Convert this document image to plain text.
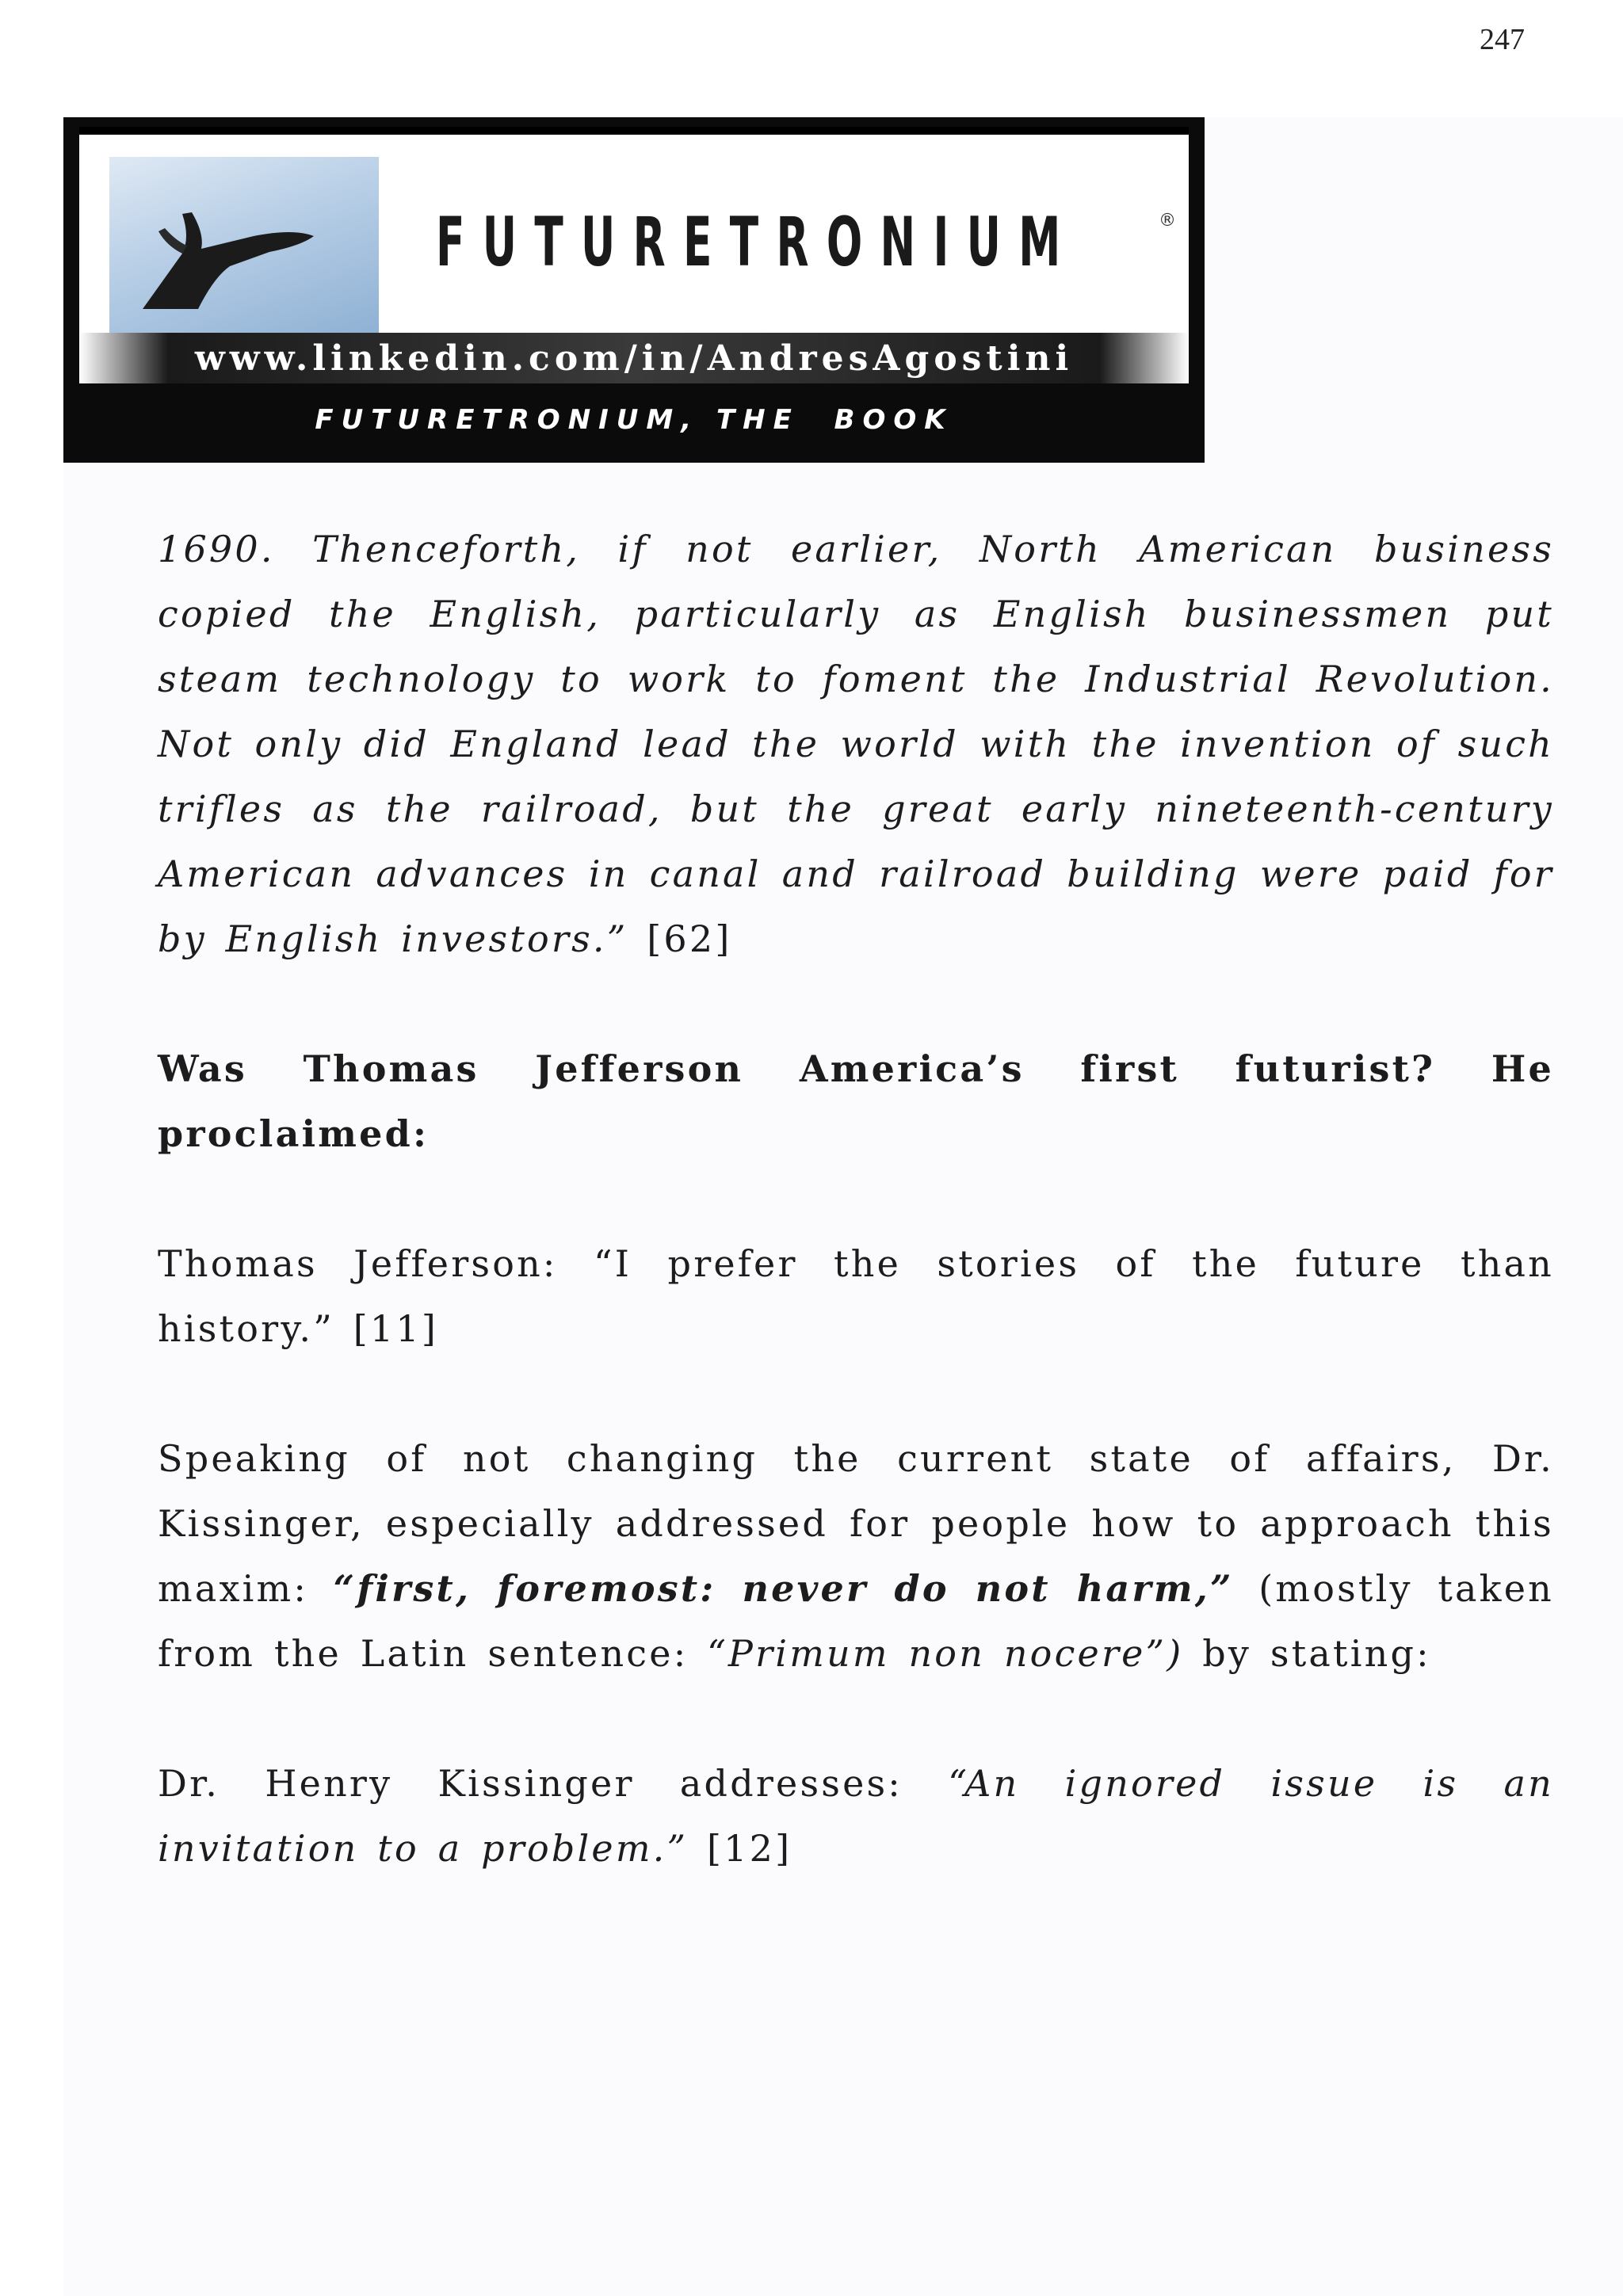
247
FUTURETRONIUM	®
www.linkedin.com/in/AndresAgostini
FUTURETRONIUM, THE  BOOK

1690. Thenceforth, if not earlier, North American business copied the English, particularly as English businessmen put steam technology to work to foment the Industrial Revolution. Not only did England lead the world with the invention of such trifles as the railroad, but the great early nineteenth-century American advances in canal and railroad building were paid for by English investors.” [62]

Was Thomas Jefferson America’s first futurist? He proclaimed:

Thomas Jefferson: “I prefer the stories of the future than history.” [11]

Speaking of not changing the current state of affairs, Dr. Kissinger, especially addressed for people how to approach this maxim: “first, foremost: never do not harm,” (mostly taken from the Latin sentence: “Primum non nocere”) by stating:

Dr. Henry Kissinger addresses: “An ignored issue is an invitation to a problem.” [12]
